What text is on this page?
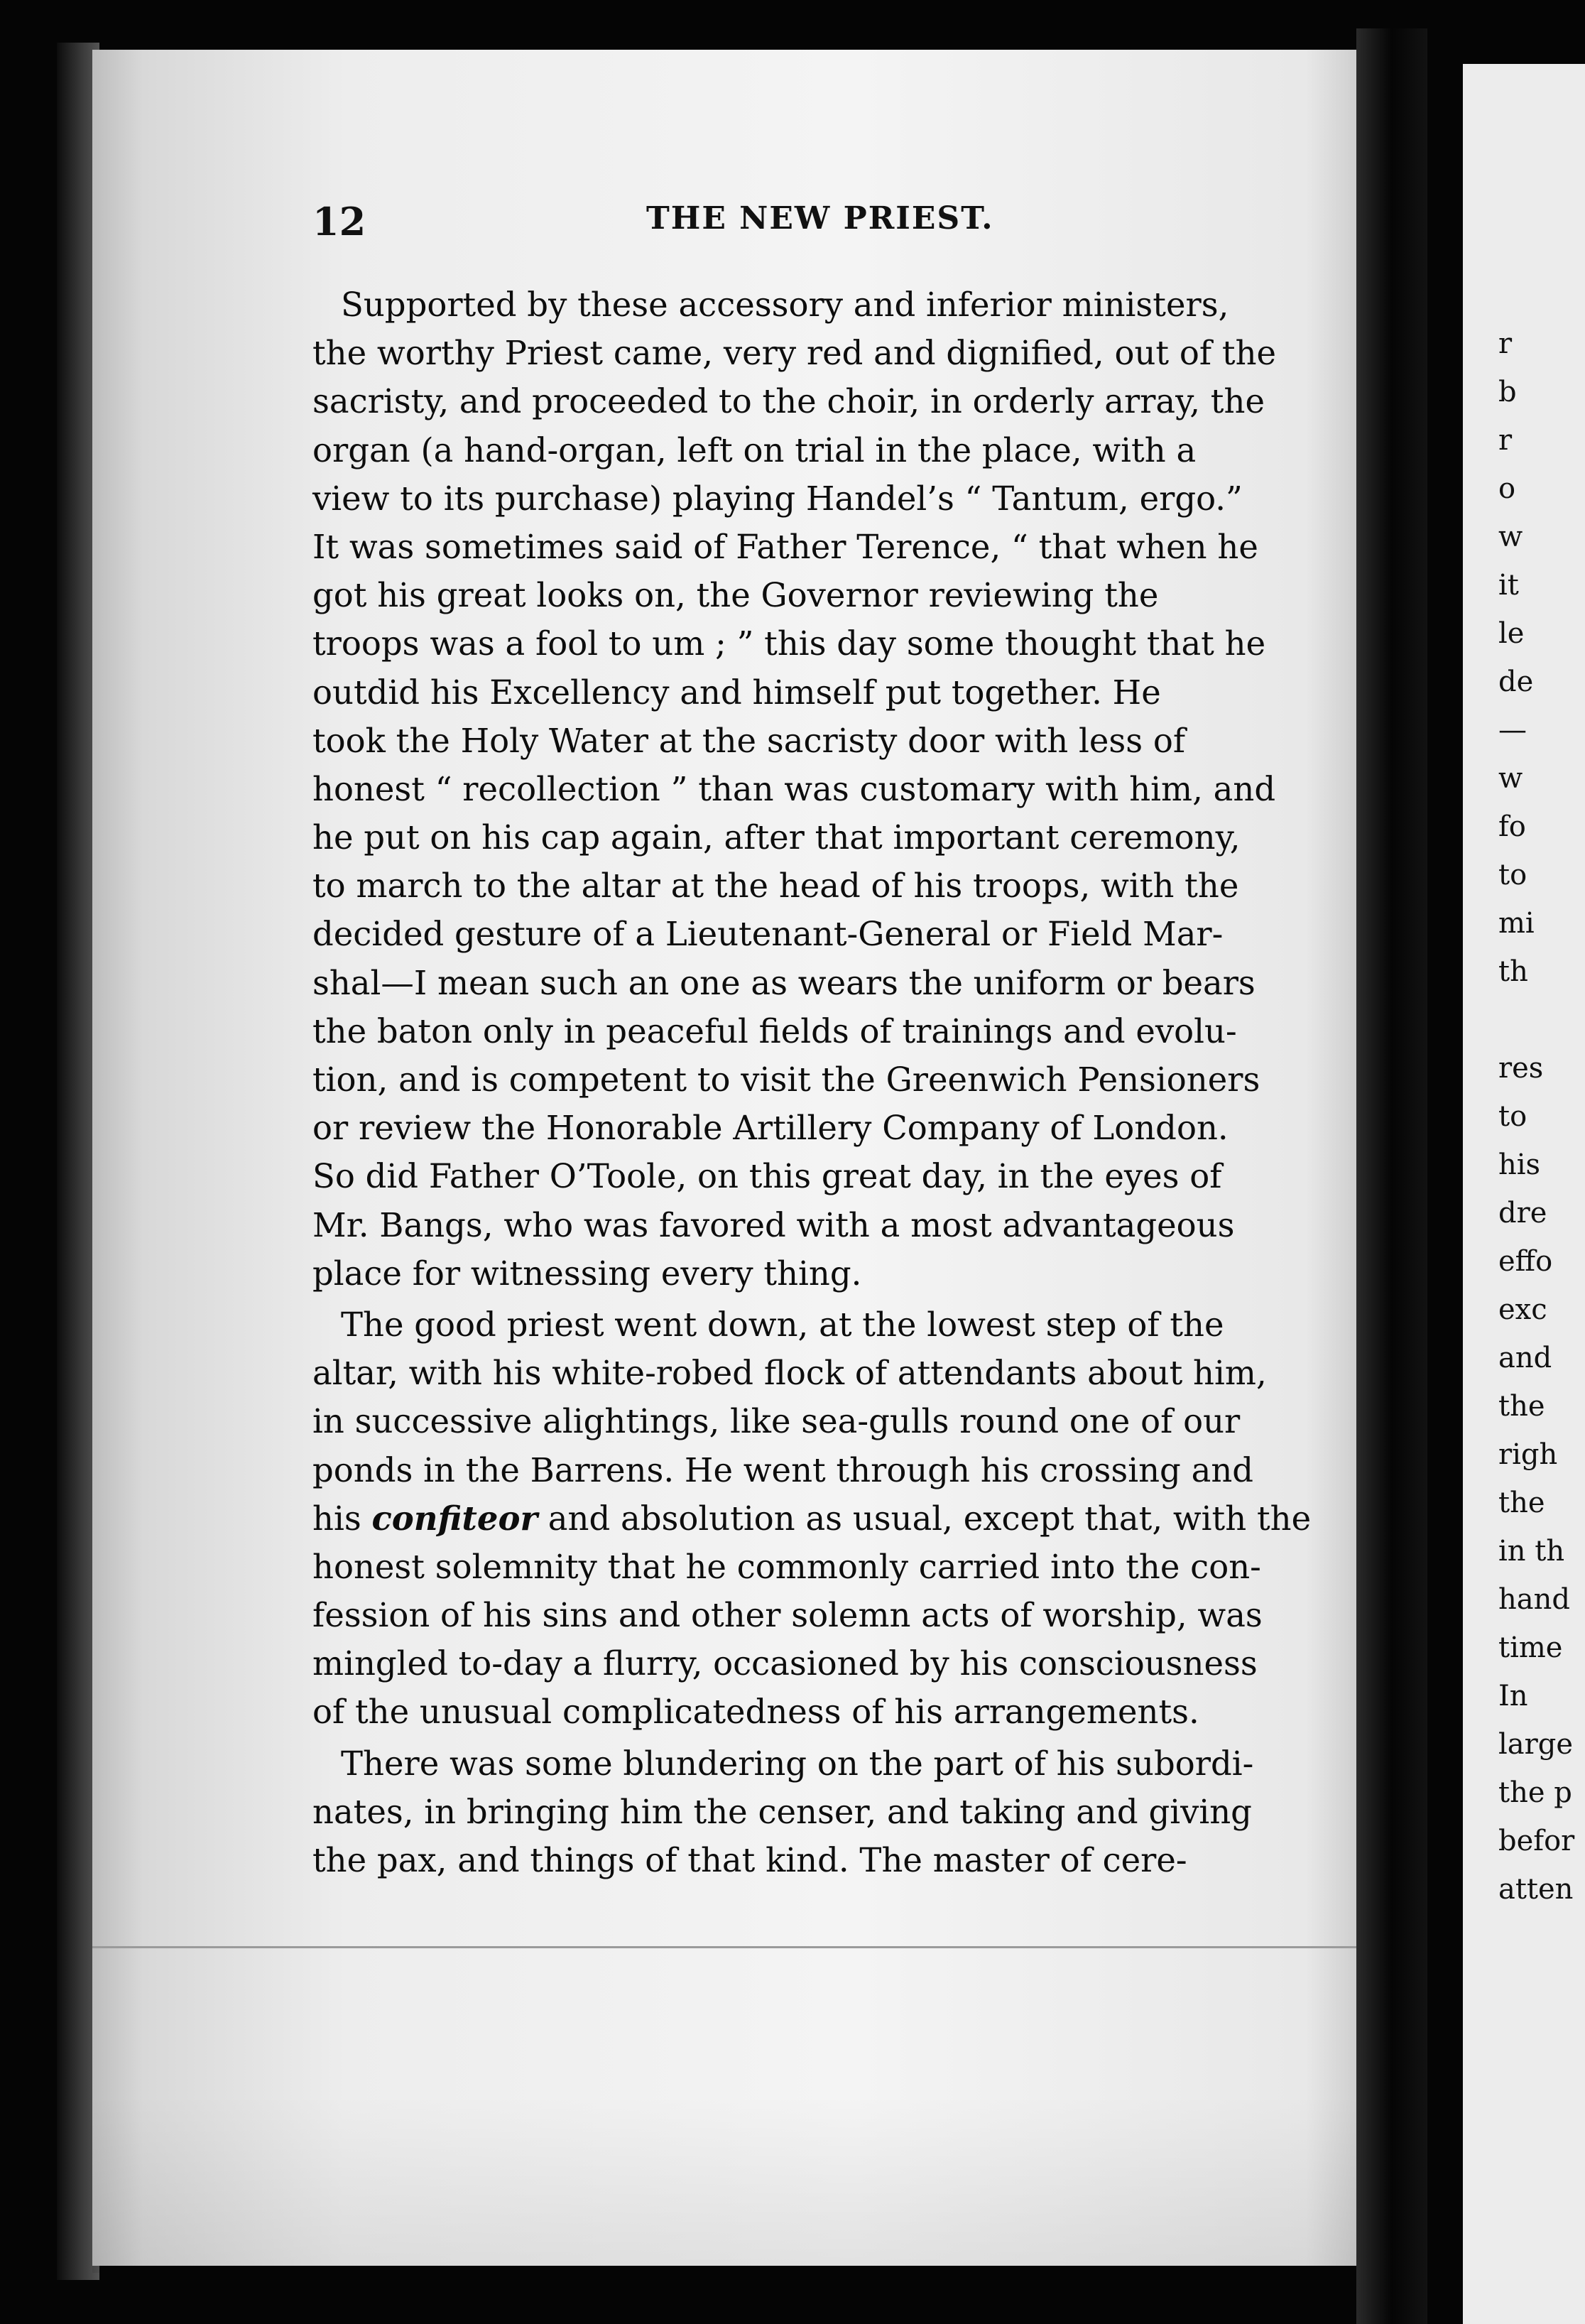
12	THE NEW PRIEST.
Supported by these accessory and inferior ministers,
the worthy Priest came, very red and dignified, out of the
sacristy, and proceeded to the choir, in orderly array, the
organ (a hand-organ, left on trial in the place, with a
view to its purchase) playing Handel’s “ Tantum, ergo.”
It was sometimes said of Father Terence, “ that when he
got his great looks on, the Governor reviewing the
troops was a fool to um ; ” this day some thought that he
outdid his Excellency and himself put together. He
took the Holy Water at the sacristy door with less of
honest “ recollection ” than was customary with him, and
he put on his cap again, after that important ceremony,
to march to the altar at the head of his troops, with the
decided gesture of a Lieutenant-General or Field Mar-
shal—I mean such an one as wears the uniform or bears
the baton only in peaceful fields of trainings and evolu-
tion, and is competent to visit the Greenwich Pensioners
or review the Honorable Artillery Company of London.
So did Father O’Toole, on this great day, in the eyes of
Mr. Bangs, who was favored with a most advantageous
place for witnessing every thing.
The good priest went down, at the lowest step of the
altar, with his white-robed flock of attendants about him,
in successive alightings, like sea-gulls round one of our
ponds in the Barrens. He went through his crossing and
his confiteor and absolution as usual, except that, with the
honest solemnity that he commonly carried into the con-
fession of his sins and other solemn acts of worship, was
mingled to-day a flurry, occasioned by his consciousness
of the unusual complicatedness of his arrangements.
There was some blundering on the part of his subordi-
nates, in bringing him the censer, and taking and giving
the pax, and things of that kind. The master of cere-
r
b
r
o
w
it
le
de
—
w
fo
to
mi
th
res
to
his
dre
effo
exc
and
the
righ
the
in th
hand
time
In
large
the p
befor
atten
